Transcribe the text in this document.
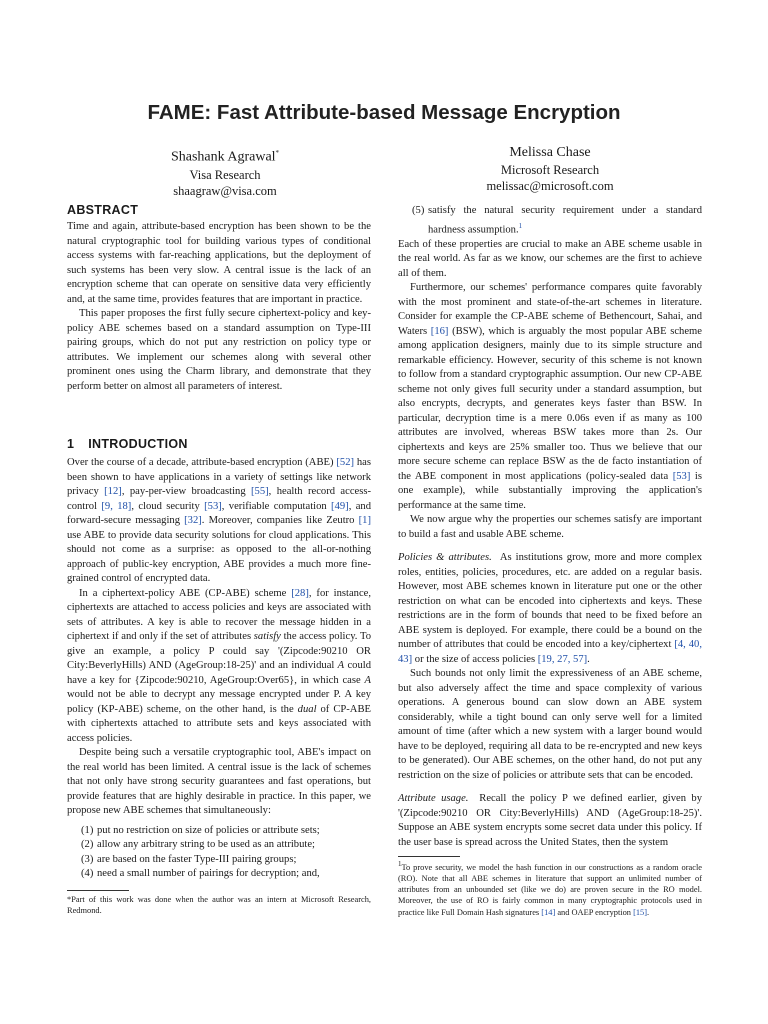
FAME: Fast Attribute-based Message Encryption
Shashank Agrawal*
Visa Research
shaagraw@visa.com
Melissa Chase
Microsoft Research
melissac@microsoft.com
ABSTRACT

Time and again, attribute-based encryption has been shown to be the natural cryptographic tool for building various types of conditional access systems with far-reaching applications, but the deployment of such systems has been very slow. A central issue is the lack of an encryption scheme that can operate on sensitive data very efficiently and, at the same time, provides features that are important in practice.

This paper proposes the first fully secure ciphertext-policy and key-policy ABE schemes based on a standard assumption on Type-III pairing groups, which do not put any restriction on policy type or attributes. We implement our schemes along with several other prominent ones using the Charm library, and demonstrate that they perform better on almost all parameters of interest.

1 INTRODUCTION

Over the course of a decade, attribute-based encryption (ABE) [52] has been shown to have applications in a variety of settings like network privacy [12], pay-per-view broadcasting [55], health record access-control [9, 18], cloud security [53], verifiable computation [49], and forward-secure messaging [32]. Moreover, companies like Zeutro [1] use ABE to provide data security solutions for cloud applications. This should not come as a surprise: as opposed to the all-or-nothing approach of public-key encryption, ABE provides a much more fine-grained control of encrypted data.

In a ciphertext-policy ABE (CP-ABE) scheme [28], for instance, ciphertexts are attached to access policies and keys are associated with sets of attributes. A key is able to recover the message hidden in a ciphertext if and only if the set of attributes satisfy the access policy. To give an example, a policy P could say '(Zipcode:90210 OR City:BeverlyHills) AND (AgeGroup:18-25)' and an individual A could have a key for {Zipcode:90210, AgeGroup:Over65}, in which case A would not be able to decrypt any message encrypted under P. A key policy (KP-ABE) scheme, on the other hand, is the dual of CP-ABE with ciphertexts attached to attribute sets and keys associated with access policies.

Despite being such a versatile cryptographic tool, ABE's impact on the real world has been limited. A central issue is the lack of schemes that not only have strong security guarantees and fast operations, but provide features that are highly desirable in practice. In this paper, we propose new ABE schemes that simultaneously:

(1) put no restriction on size of policies or attribute sets;
(2) allow any arbitrary string to be used as an attribute;
(3) are based on the faster Type-III pairing groups;
(4) need a small number of pairings for decryption; and,
*Part of this work was done when the author was an intern at Microsoft Research, Redmond.
(5) satisfy the natural security requirement under a standard hardness assumption.$^1$

Each of these properties are crucial to make an ABE scheme usable in the real world. As far as we know, our schemes are the first to achieve all of them.

Furthermore, our schemes' performance compares quite favorably with the most prominent and state-of-the-art schemes in literature. Consider for example the CP-ABE scheme of Bethencourt, Sahai, and Waters [16] (BSW), which is arguably the most popular ABE scheme among application designers, mainly due to its simple structure and remarkable efficiency. However, security of this scheme is not known to follow from a standard cryptographic assumption. Our new CP-ABE scheme not only gives full security under a standard assumption, but also encrypts, decrypts, and generates keys faster than BSW. In particular, decryption time is a mere 0.06s even if as many as 100 attributes are involved, whereas BSW takes more than 2s. Our ciphertexts and keys are 25% smaller too. Thus we believe that our more secure scheme can replace BSW as the de facto instantiation of the ABE component in most applications (policy-sealed data [53] is one example), while substantially improving the application's performance at the same time.

We now argue why the properties our schemes satisfy are important to build a fast and usable ABE scheme.

Policies & attributes. As institutions grow, more and more complex roles, entities, policies, procedures, etc. are added on a regular basis. However, most ABE schemes known in literature put one or the other restriction on what can be encoded into ciphertexts and keys. These restrictions are in the form of bounds that need to be fixed before an ABE system is deployed. For example, there could be a bound on the number of attributes that could be encoded into a key/ciphertext [4, 40, 43] or the size of access policies [19, 27, 57].

Such bounds not only limit the expressiveness of an ABE scheme, but also adversely affect the time and space complexity of various operations. A generous bound can slow down an ABE system considerably, while a tight bound can only serve well for a limited amount of time (after which a new system with a larger bound would have to be deployed, requiring all data to be re-encrypted and new keys to be generated). Our ABE schemes, on the other hand, do not put any restriction on the size of policies or attribute sets that can be encoded.

Attribute usage. Recall the policy P we defined earlier, given by '(Zipcode:90210 OR City:BeverlyHills) AND (AgeGroup:18-25)'. Suppose an ABE system encrypts some secret data under this policy. If the user base is spread across the United States, then the system

$^1$To prove security, we model the hash function in our constructions as a random oracle (RO). Note that all ABE schemes in literature that support an unlimited number of attributes from an unbounded set (like we do) are proven secure in the RO model. Moreover, the use of RO is fairly common in many cryptographic protocols used in practice like Full Domain Hash signatures [14] and OAEP encryption [15].
